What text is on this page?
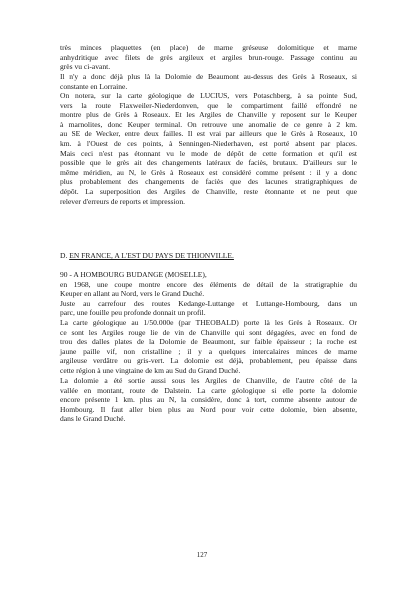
très minces plaquettes (en place) de marne gréseuse dolomitique et marne
anhydritique avec filets de grès argileux et argiles brun-rouge. Passage continu au
grès vu ci-avant.

Il n'y a donc déjà plus là la Dolomie de Beaumont au-dessus des Grès à Roseaux, si
constante en Lorraine.

On notera, sur la carte géologique de LUCIUS, vers Potaschberg, à sa pointe Sud,
vers la route Flaxweiler-Niederdonven, que le compartiment faillé effondré ne
montre plus de Grès à Roseaux. Et les Argiles de Chanville y reposent sur le Keuper
à marnolites, donc Keuper terminal. On retrouve une anomalie de ce genre à 2 km.
au SE de Wecker, entre deux failles. Il est vrai par ailleurs que le Grès à Roseaux, 10
km. à l'Ouest de ces points, à Senningen-Niederhaven, est porté absent par places.
Mais ceci n'est pas étonnant vu le mode de dépôt de cette formation et qu'il est
possible que le grès ait des changements latéraux de faciès, brutaux. D'ailleurs sur le
même méridien, au N, le Grès à Roseaux est considéré comme présent : il y a donc
plus probablement des changements de faciès que des lacunes stratigraphiques de
dépôt. La superposition des Argiles de Chanville, reste étonnante et ne peut que
relever d'erreurs de reports et impression.

D. EN FRANCE, A L'EST DU PAYS DE THIONVILLE.

90 - A HOMBOURG BUDANGE (MOSELLE),
en 1968, une coupe montre encore des éléments de détail de la stratigraphie du
Keuper en allant au Nord, vers le Grand Duché.
Juste au carrefour des routes Kedange-Luttange et Luttange-Hombourg, dans un
parc, une fouille peu profonde donnait un profil.

La carte géologique au 1/50.000e (par THEOBALD) porte là les Grès à Roseaux. Or
ce sont les Argiles rouge lie de vin de Chanville qui sont dégagées, avec en fond de
trou des dalles plates de la Dolomie de Beaumont, sur faible épaisseur ; la roche est
jaune paille vif, non cristalline ; il y a quelques intercalaires minces de marne
argileuse verdâtre ou gris-vert. La dolomie est déjà, probablement, peu épaisse dans
cette région à une vingtaine de km au Sud du Grand Duché.

La dolomie a été sortie aussi sous les Argiles de Chanville, de l'autre côté de la
vallée en montant, route de Dalstein. La carte géologique si elle porte la dolomie
encore présente 1 km. plus au N, la considère, donc à tort, comme absente autour de
Hombourg. Il faut aller bien plus au Nord pour voir cette dolomie, bien absente,
dans le Grand Duché.

127
